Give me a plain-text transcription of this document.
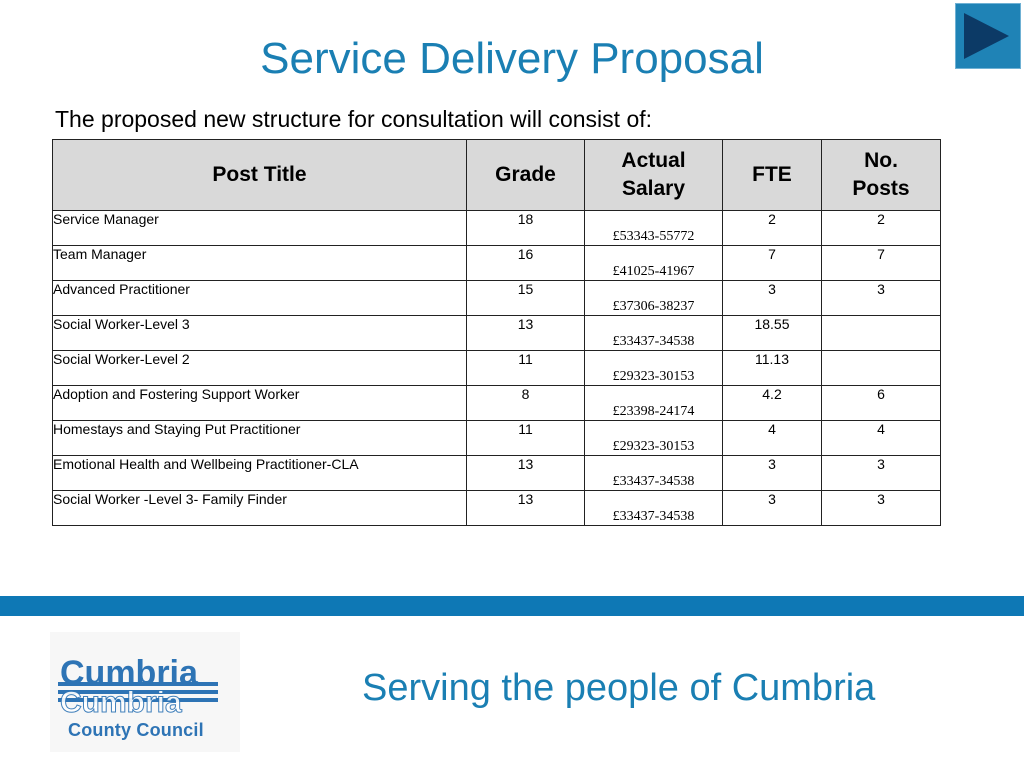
Service Delivery Proposal
The proposed new structure for consultation will consist of:
Post Title	Grade	Actual Salary	FTE	No. Posts

Service Manager	18	£53343-55772	2	2
Team Manager	16	£41025-41967	7	7
Advanced Practitioner	15	£37306-38237	3	3
Social Worker-Level 3	13	£33437-34538	18.55	
Social Worker-Level 2	11	£29323-30153	11.13	
Adoption and Fostering Support Worker	8	£23398-24174	4.2	6
Homestays and Staying Put Practitioner	11	£29323-30153	4	4
Emotional Health and Wellbeing Practitioner-CLA	13	£33437-34538	3	3
Social Worker -Level 3- Family Finder	13	£33437-34538	3	3
Cumbria
Cumbria
County Council
Serving the people of Cumbria
